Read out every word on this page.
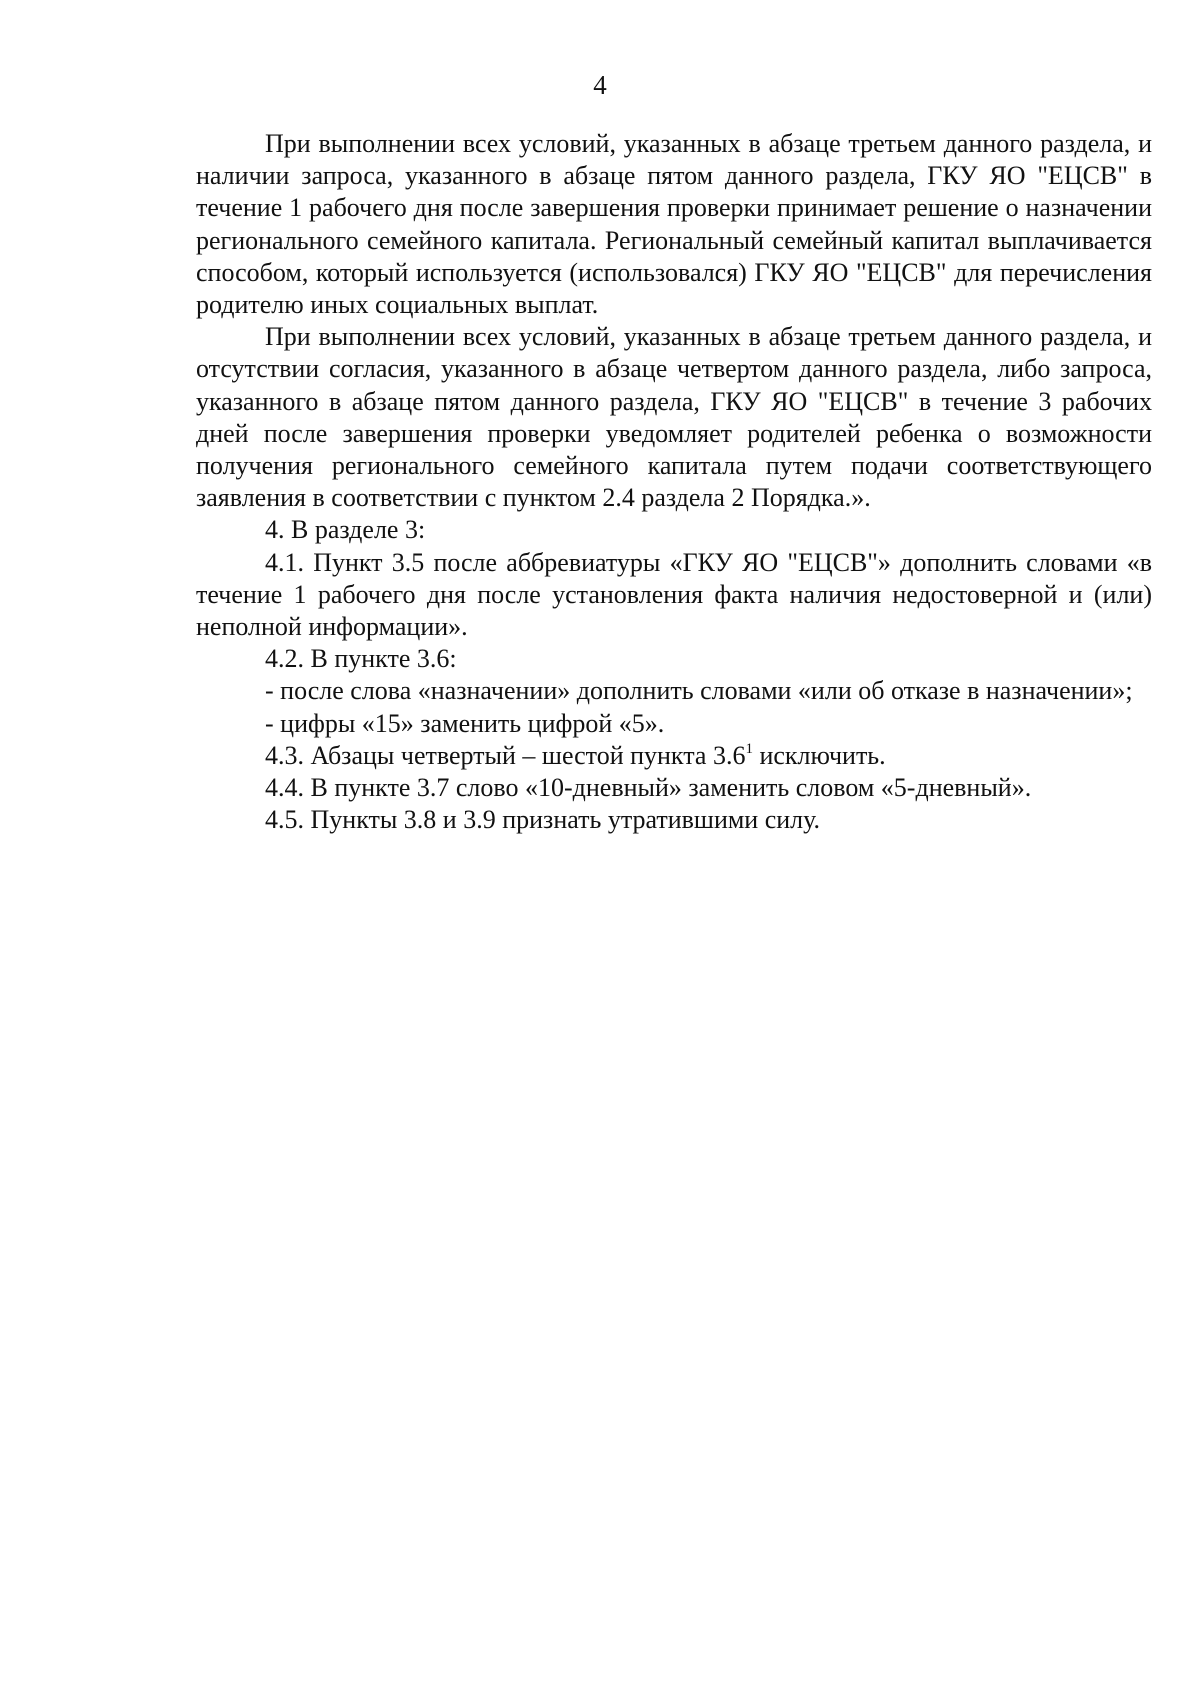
4

При выполнении всех условий, указанных в абзаце третьем данного раздела, и наличии запроса, указанного в абзаце пятом данного раздела, ГКУ ЯО "ЕЦСВ" в течение 1 рабочего дня после завершения проверки принимает решение о назначении регионального семейного капитала. Региональный семейный капитал выплачивается способом, который используется (использовался) ГКУ ЯО "ЕЦСВ" для перечисления родителю иных социальных выплат.

При выполнении всех условий, указанных в абзаце третьем данного раздела, и отсутствии согласия, указанного в абзаце четвертом данного раздела, либо запроса, указанного в абзаце пятом данного раздела, ГКУ ЯО "ЕЦСВ" в течение 3 рабочих дней после завершения проверки уведомляет родителей ребенка о возможности получения регионального семейного капитала путем подачи соответствующего заявления в соответствии с пунктом 2.4 раздела 2 Порядка.».

4. В разделе 3:

4.1. Пункт 3.5 после аббревиатуры «ГКУ ЯО "ЕЦСВ"» дополнить словами «в течение 1 рабочего дня после установления факта наличия недостоверной и (или) неполной информации».

4.2. В пункте 3.6:

- после слова «назначении» дополнить словами «или об отказе в назначении»;

- цифры «15» заменить цифрой «5».

4.3. Абзацы четвертый – шестой пункта $3.6^1$ исключить.

4.4. В пункте 3.7 слово «10-дневный» заменить словом «5-дневный».

4.5. Пункты 3.8 и 3.9 признать утратившими силу.
